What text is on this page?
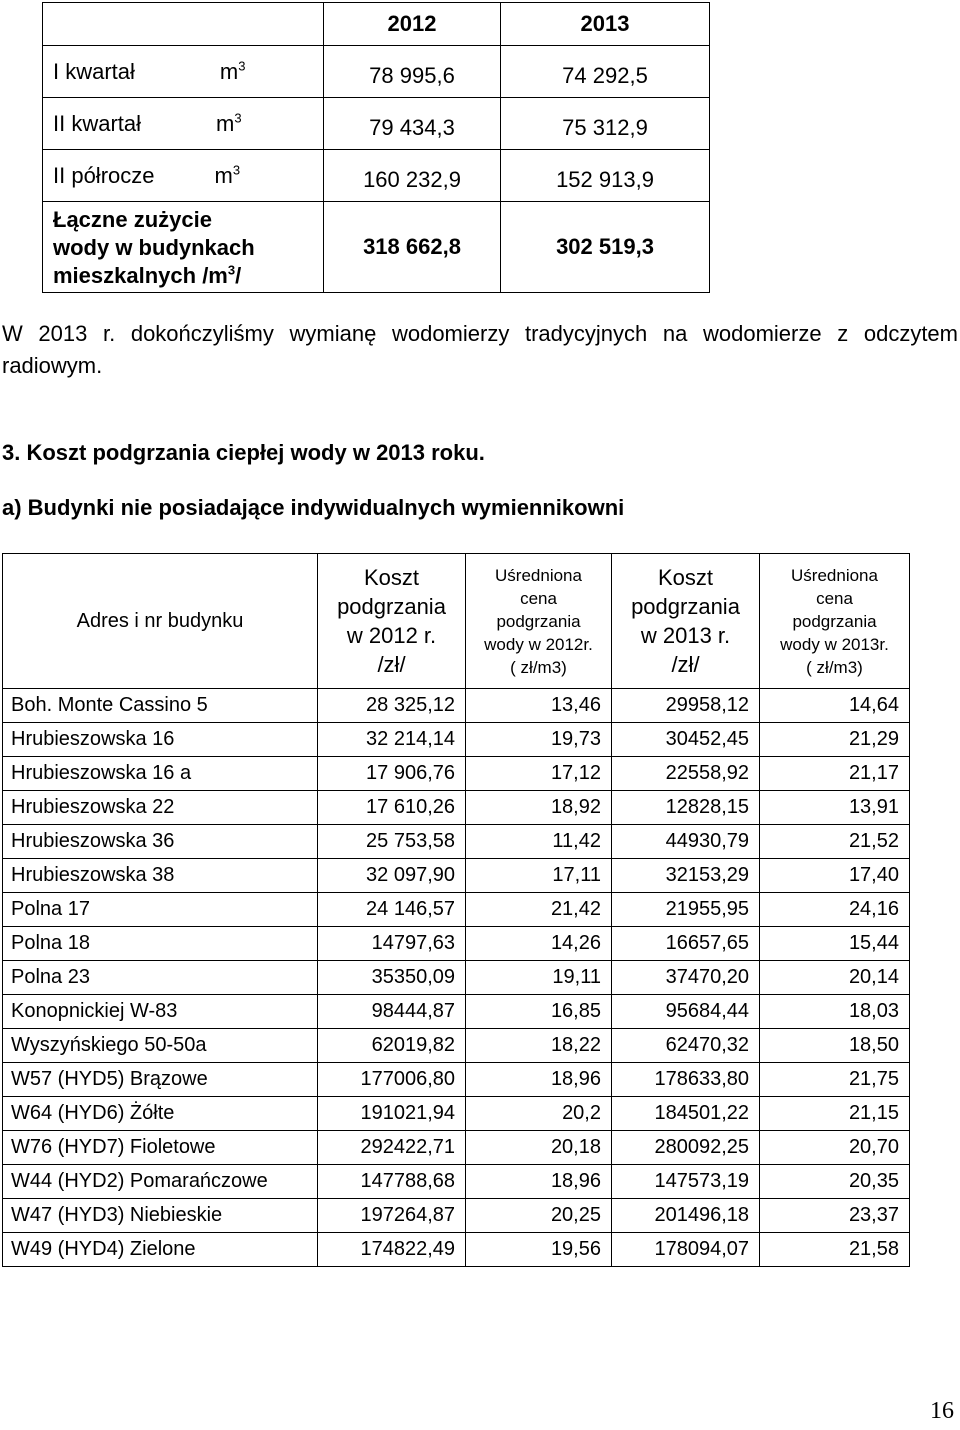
	2012	2013
I kwartał $m^3$	78 995,6	74 292,5
II kwartał $m^3$	79 434,3	75 312,9
II półrocze $m^3$	160 232,9	152 913,9

Łączne zużycie
wody w budynkach
mieszkalnych $/m^3/$	318 662,8	302 519,3

W 2013 r. dokończyliśmy wymianę wodomierzy tradycyjnych na wodomierze z odczytem radiowym.

3. Koszt podgrzania ciepłej wody w 2013 roku.
a) Budynki nie posiadające indywidualnych wymiennikowni
Adres i nr budynku	Koszt
podgrzania
w 2012 r.
/zł/	Uśredniona
cena
podgrzania
wody w 2012r.
( zł/m3)	Koszt
podgrzania
w 2013 r.
/zł/	Uśredniona
cena
podgrzania
wody w 2013r.
( zł/m3)

Boh. Monte Cassino 5	28 325,12	13,46	29958,12	14,64
Hrubieszowska 16	32 214,14	19,73	30452,45	21,29
Hrubieszowska 16 a	17 906,76	17,12	22558,92	21,17
Hrubieszowska 22	17 610,26	18,92	12828,15	13,91
Hrubieszowska 36	25 753,58	11,42	44930,79	21,52
Hrubieszowska 38	32 097,90	17,11	32153,29	17,40
Polna 17	24 146,57	21,42	21955,95	24,16
Polna 18	14797,63	14,26	16657,65	15,44
Polna 23	35350,09	19,11	37470,20	20,14
Konopnickiej W-83	98444,87	16,85	95684,44	18,03
Wyszyńskiego 50-50a	62019,82	18,22	62470,32	18,50
W57 (HYD5) Brązowe	177006,80	18,96	178633,80	21,75
W64 (HYD6) Żółte	191021,94	20,2	184501,22	21,15
W76 (HYD7) Fioletowe	292422,71	20,18	280092,25	20,70
W44 (HYD2) Pomarańczowe	147788,68	18,96	147573,19	20,35
W47 (HYD3) Niebieskie	197264,87	20,25	201496,18	23,37
W49 (HYD4) Zielone	174822,49	19,56	178094,07	21,58
16
